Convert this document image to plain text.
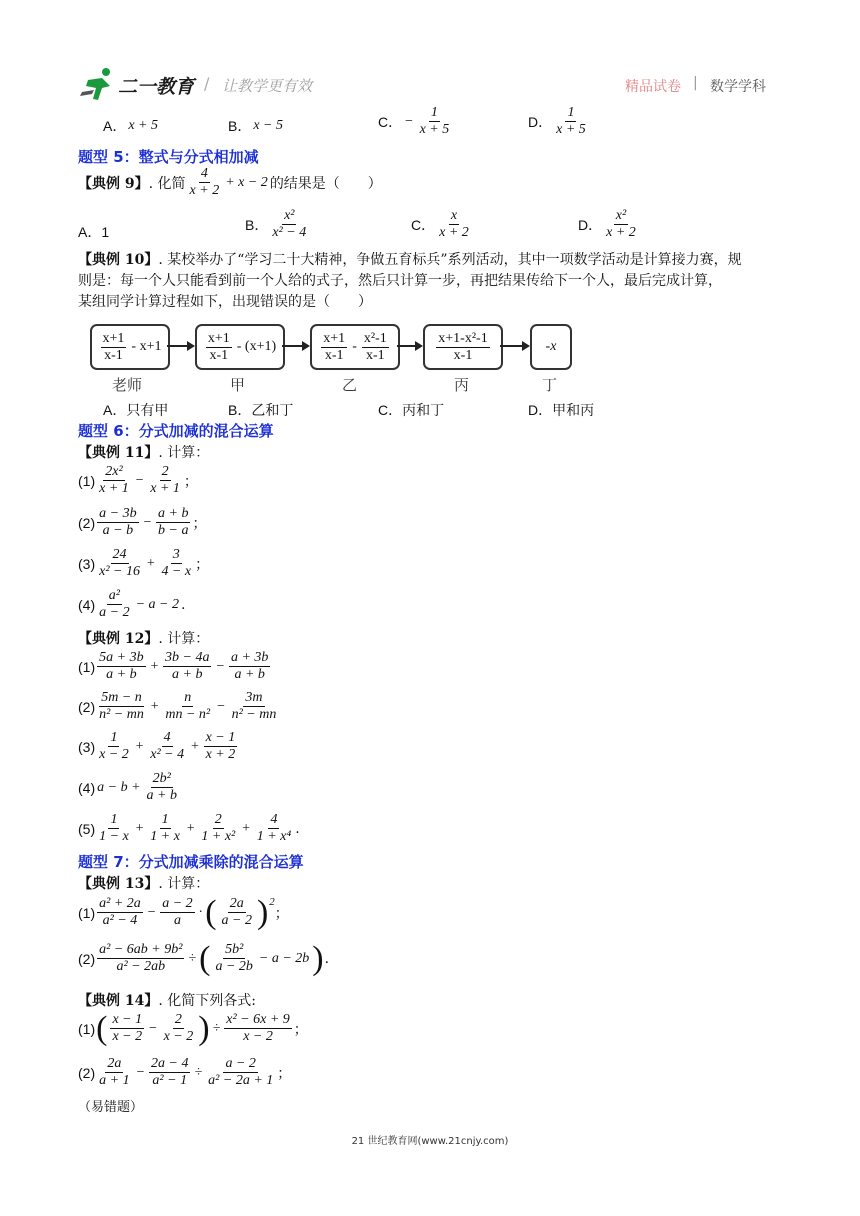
二一教育 / 让教学更有效	精品试卷 | 数学学科
A． x + 5	B． x − 5	C． − $\frac{1}{x + 5}$	D． $\frac{1}{x + 5}$
题型 5：整式与分式相加减
【典例 9】 . 化简 $\frac{4}{x + 2} + x - 2$ 的结果是（　　）
A．1	B． $\frac{\text{x²}}{\text{x² − 4}}$	C． $\frac{x}{x + 2}$	D． $\frac{\text{x²}}{x + 2}$
【典例 10】. 某校举办了“学习二十大精神，争做五育标兵”系列活动，其中一项数学活动是计算接力赛，规
则是：每一个人只能看到前一个人给的式子，然后只计算一步，再把结果传给下一个人，最后完成计算，
某组同学计算过程如下，出现错误的是（　　）
$\frac{x+1}{x-1} - x+1$	$\frac{x+1}{x-1} - (x+1)$	$\frac{x+1}{x-1} - \frac{\text{x²-1}}{x-1}$	$\frac{\text{x+1-x²-1}}{x-1}$	-x
老师	甲	乙	丙	丁
A．只有甲	B．乙和丁	C．丙和丁	D．甲和丙
题型 6：分式加减的混合运算
【典例 11】. 计算：
$(1) \frac{\text{2x²}}{x + 1} - \frac{2}{x + 1}$ ；
$(2) \frac{a - 3b}{a - b} - \frac{a + b}{b - a}$ ；
$(3) \frac{24}{\text{x² − 16}} + \frac{3}{4 - x}$ ；
$(4) \frac{\text{a²}}{a - 2} - a - 2$ .
【典例 12】. 计算：
$(1) \frac{5a + 3b}{a + b} + \frac{3b - 4a}{a + b} - \frac{a + 3b}{a + b}$
$(2) \frac{5m - n}{\text{n² − mn}} + \frac{n}{\text{mn − n²}} - \frac{3m}{\text{n² − mn}}$
$(3) \frac{1}{x - 2} + \frac{4}{\text{x² − 4}} + \frac{x - 1}{x + 2}$
(4) $a - b + \frac{\text{2b²}}{a + b}$
$(5) \frac{1}{1 - x} + \frac{1}{1 + x} + \frac{2}{\text{1 + x²}} + \frac{4}{\text{1 + x⁴}}$ .
题型 7：分式加减乘除的混合运算
【典例 13】. 计算：
$(1) \frac{\text{a² + 2a}}{\text{a² − 4}} - \frac{a - 2}{a}$ · ( $\frac{2a}{a - 2}$ ) 2
；
$(2) \frac{\text{a² − 6ab + 9b²}}{\text{a² − 2ab}}$ ÷ ( $\frac{\text{5b²}}{a - 2b} - a - 2b$ ) .
【典例 14】. 化简下列各式:
(1) ( $\frac{x - 1}{x - 2} - \frac{2}{x - 2}$ ) ÷ $\frac{\text{x² − 6x + 9}}{x - 2}$ ；
$(2) \frac{2a}{a + 1} - \frac{2a - 4}{\text{a² − 1}} \div \frac{a - 2}{\text{a² − 2a + 1}}$ ；
（易错题）
21 世纪教育网(www.21cnjy.com)
